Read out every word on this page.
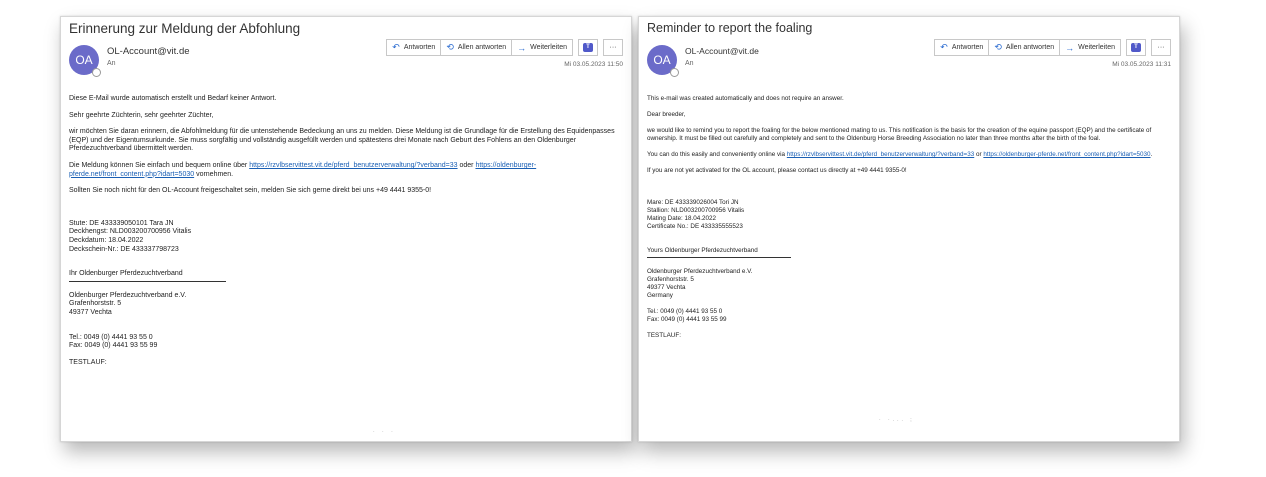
Erinnerung zur Meldung der Abfohlung
OA
OL-Account@vit.de
An
↶ Antworten ⟲ Allen antworten → Weiterleiten	T	···
Mi 03.05.2023 11:50

Diese E-Mail wurde automatisch erstellt und Bedarf keiner Antwort.

Sehr geehrte Züchterin, sehr geehrter Züchter,

wir möchten Sie daran erinnern, die Abfohlmeldung für die untenstehende Bedeckung an uns zu melden. Diese Meldung ist die Grundlage für die Erstellung des Equidenpasses (EQP) und der Eigentumsurkunde. Sie muss sorgfältig und vollständig ausgefüllt werden und spätestens drei Monate nach Geburt des Fohlens an den Oldenburger Pferdezuchtverband übermittelt werden.

Die Meldung können Sie einfach und bequem online über https://rzvlbservittest.vit.de/pferd_benutzerverwaltung/?verband=33 oder https://oldenburger-pferde.net/front_content.php?idart=5030 vornehmen.

Sollten Sie noch nicht für den OL-Account freigeschaltet sein, melden Sie sich gerne direkt bei uns +49 4441 9355-0!

Stute: DE 433339050101 Tara JN
Deckhengst: NLD003200700956 Vitalis
Deckdatum: 18.04.2022
Deckschein-Nr.: DE 433337798723
Ihr Oldenburger Pferdezuchtverband
Oldenburger Pferdezuchtverband e.V.
Grafenhorststr. 5
49377 Vechta
Tel.: 0049 (0) 4441 93 55 0
Fax: 0049 (0) 4441 93 55 99
TESTLAUF:
· · ·
Reminder to report the foaling
OA
OL-Account@vit.de
An
↶ Antworten ⟲ Allen antworten → Weiterleiten	T	···
Mi 03.05.2023 11:31

This e-mail was created automatically and does not require an answer.

Dear breeder,

we would like to remind you to report the foaling for the below mentioned mating to us. This notification is the basis for the creation of the equine passport (EQP) and the certificate of ownership. It must be filled out carefully and completely and sent to the Oldenburg Horse Breeding Association no later than three months after the birth of the foal.

You can do this easily and conveniently online via https://rzvlbservittest.vit.de/pferd_benutzerverwaltung/?verband=33 or https://oldenburger-pferde.net/front_content.php?idart=5030.

If you are not yet activated for the OL account, please contact us directly at +49 4441 9355-0!

Mare: DE 433339026004 Tori JN
Stallion: NLD003200700956 Vitalis
Mating Date: 18.04.2022
Certificate No.: DE 433335555523
Yours Oldenburger Pferdezuchtverband
Oldenburger Pferdezuchtverband e.V.
Grafenhorststr. 5
49377 Vechta
Germany
Tel.: 0049 (0) 4441 93 55 0
Fax: 0049 (0) 4441 93 55 99
TESTLAUF:
· ·... ;
